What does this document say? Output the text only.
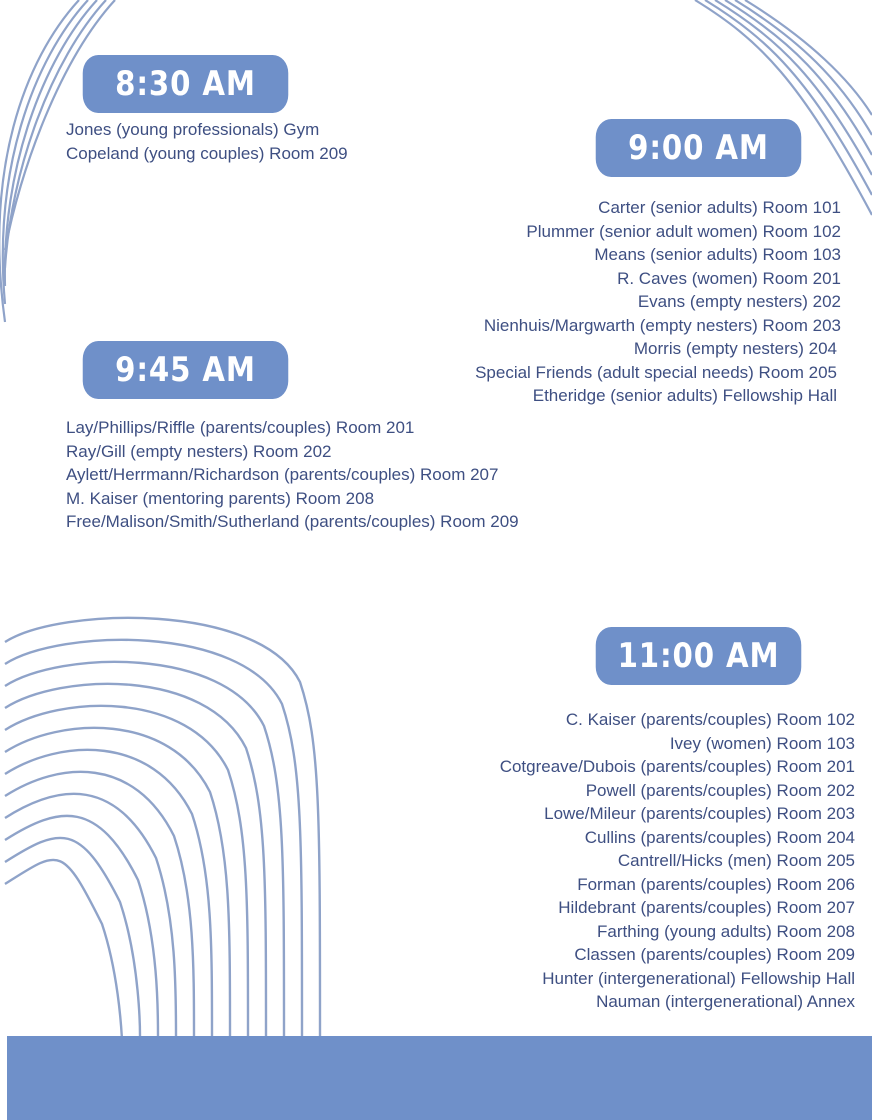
8:30 AM
Jones (young professionals) Gym
Copeland (young couples) Room 209	9:00 AM
Carter (senior adults) Room 101
Plummer (senior adult women) Room 102
Means (senior adults) Room 103
R. Caves (women) Room 201
Evans (empty nesters) 202
Nienhuis/Margwarth (empty nesters) Room 203
Morris (empty nesters) 204
Special Friends (adult special needs) Room 205
Etheridge (senior adults) Fellowship Hall
9:45 AM
Lay/Phillips/Riffle (parents/couples) Room 201
Ray/Gill (empty nesters) Room 202
Aylett/Herrmann/Richardson (parents/couples) Room 207
M. Kaiser (mentoring parents) Room 208
Free/Malison/Smith/Sutherland (parents/couples) Room 209
11:00 AM
C. Kaiser (parents/couples) Room 102
Ivey (women) Room 103
Cotgreave/Dubois (parents/couples) Room 201
Powell (parents/couples) Room 202
Lowe/Mileur (parents/couples) Room 203
Cullins (parents/couples) Room 204
Cantrell/Hicks (men) Room 205
Forman (parents/couples) Room 206
Hildebrant (parents/couples) Room 207
Farthing (young adults) Room 208
Classen (parents/couples) Room 209
Hunter (intergenerational) Fellowship Hall
Nauman (intergenerational) Annex
